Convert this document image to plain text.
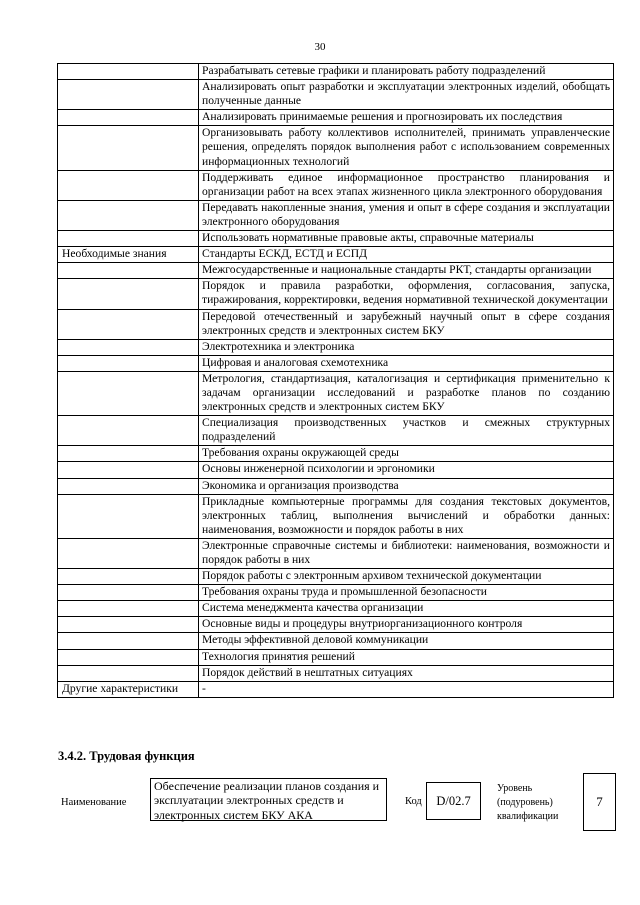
30
	Разрабатывать сетевые графики и планировать работу подразделений
	Анализировать опыт разработки и эксплуатации электронных изделий, обобщать полученные данные
	Анализировать принимаемые решения и прогнозировать их последствия
	Организовывать работу коллективов исполнителей, принимать управленческие решения, определять порядок выполнения работ с использованием современных информационных технологий
	Поддерживать единое информационное пространство планирования и организации работ на всех этапах жизненного цикла электронного оборудования
	Передавать накопленные знания, умения и опыт в сфере создания и эксплуатации электронного оборудования
	Использовать нормативные правовые акты, справочные материалы
Необходимые знания	Стандарты ЕСКД, ЕСТД и ЕСПД
	Межгосударственные и национальные стандарты РКТ, стандарты организации
	Порядок и правила разработки, оформления, согласования, запуска, тиражирования, корректировки, ведения нормативной технической документации
	Передовой отечественный и зарубежный научный опыт в сфере создания электронных средств и электронных систем БКУ
	Электротехника и электроника
	Цифровая и аналоговая схемотехника
	Метрология, стандартизация, каталогизация и сертификация применительно к задачам организации исследований и разработке планов по созданию электронных средств и электронных систем БКУ
	Специализация производственных участков и смежных структурных подразделений
	Требования охраны окружающей среды
	Основы инженерной психологии и эргономики
	Экономика и организация производства
	Прикладные компьютерные программы для создания текстовых документов, электронных таблиц, выполнения вычислений и обработки данных: наименования, возможности и порядок работы в них
	Электронные справочные системы и библиотеки: наименования, возможности и порядок работы в них
	Порядок работы с электронным архивом технической документации
	Требования охраны труда и промышленной безопасности
	Система менеджмента качества организации
	Основные виды и процедуры внутриорганизационного контроля
	Методы эффективной деловой коммуникации
	Технология принятия решений
	Порядок действий в нештатных ситуациях
Другие характеристики	-
3.4.2. Трудовая функция
Наименование
Обеспечение реализации планов создания и эксплуатации электронных средств и электронных систем БКУ АКА
Код	D/02.7
Уровень (подуровень) квалификации
7
